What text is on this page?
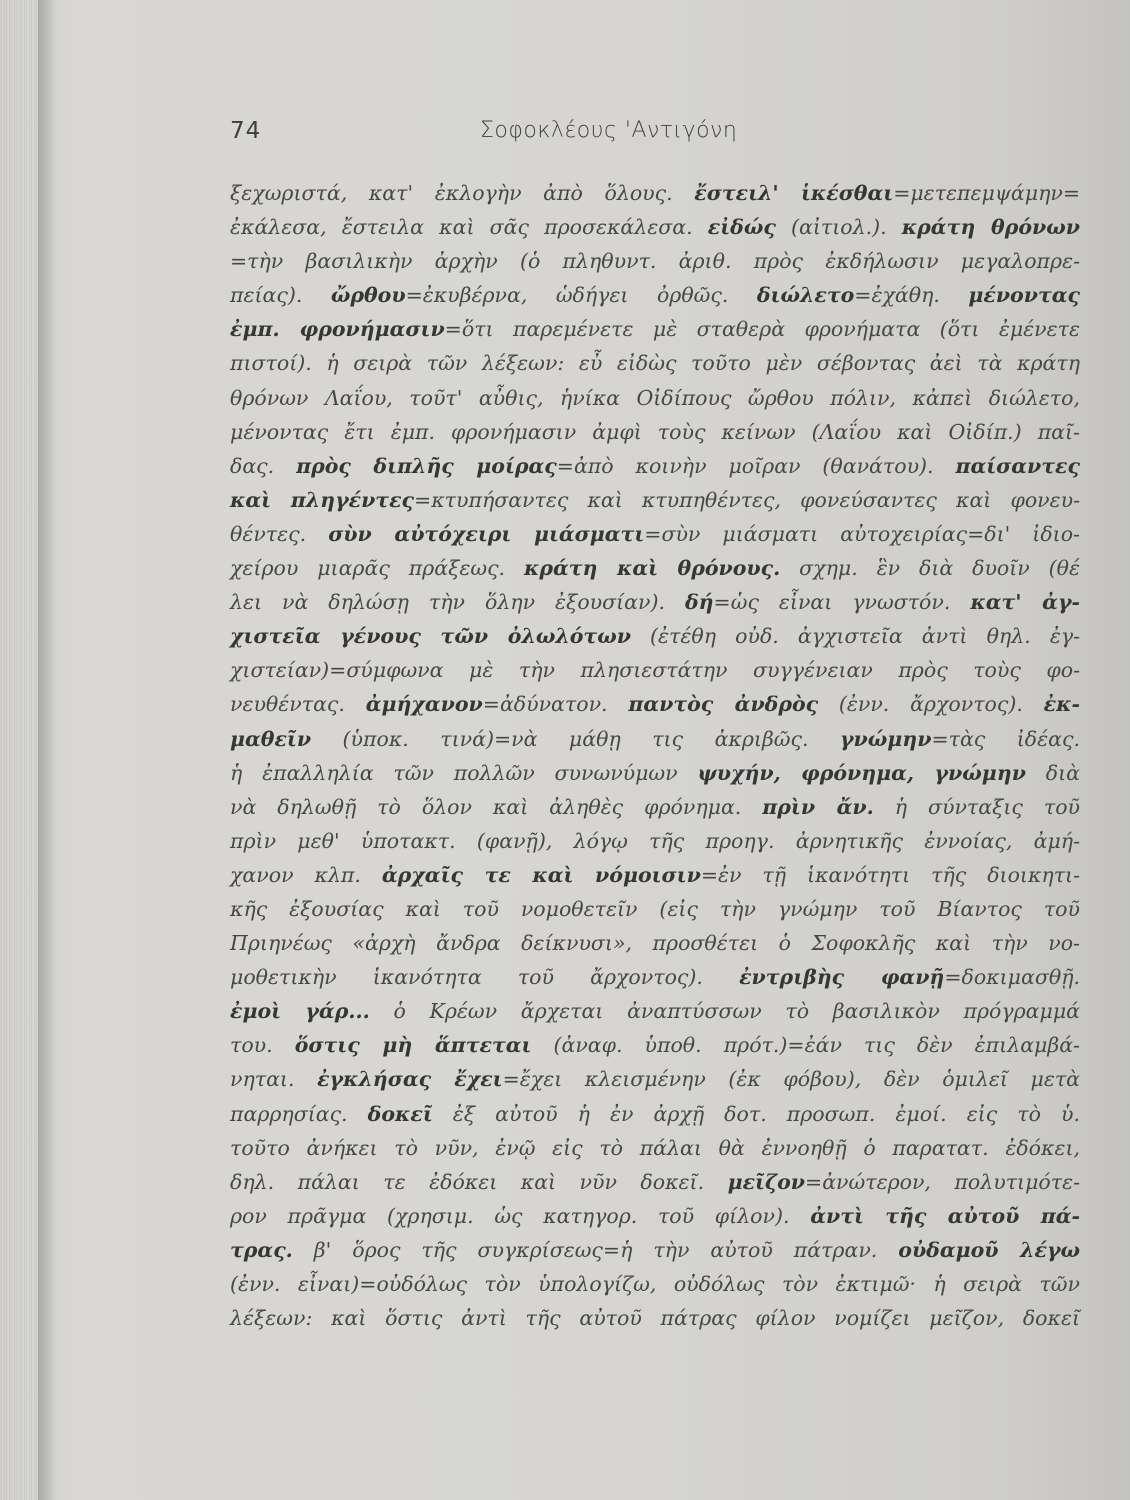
74	Σοφοκλέους 'Αντιγόνη
ξεχωριστά, κατ' ἐκλογὴν ἀπὸ ὅλους. ἔστειλ' ἱκέσθαι=μετεπεμψάμην=
ἐκάλεσα, ἔστειλα καὶ σᾶς προσεκάλεσα. εἰδώς (αἰτιολ.). κράτη θρόνων
=τὴν βασιλικὴν ἀρχὴν (ὁ πληθυντ. ἀριθ. πρὸς ἐκδήλωσιν μεγαλοπρε-
πείας). ὤρθου=ἐκυβέρνα, ὡδήγει ὀρθῶς. διώλετο=ἐχάθη. μένοντας
ἐμπ. φρονήμασιν=ὅτι παρεμένετε μὲ σταθερὰ φρονήματα (ὅτι ἐμένετε
πιστοί). ἡ σειρὰ τῶν λέξεων: εὖ εἰδὼς τοῦτο μὲν σέβοντας ἀεὶ τὰ κράτη
θρόνων Λαΐου, τοῦτ' αὖθις, ἡνίκα Οἰδίπους ὤρθου πόλιν, κἀπεὶ διώλετο,
μένοντας ἔτι ἐμπ. φρονήμασιν ἀμφὶ τοὺς κείνων (Λαΐου καὶ Οἰδίπ.) παῖ-
δας. πρὸς διπλῆς μοίρας=ἀπὸ κοινὴν μοῖραν (θανάτου). παίσαντες
καὶ πληγέντες=κτυπήσαντες καὶ κτυπηθέντες, φονεύσαντες καὶ φονευ-
θέντες. σὺν αὐτόχειρι μιάσματι=σὺν μιάσματι αὐτοχειρίας=δι' ἰδιο-
χείρου μιαρᾶς πράξεως. κράτη καὶ θρόνους. σχημ. ἓν διὰ δυοῖν (θέ
λει νὰ δηλώσῃ τὴν ὅλην ἐξουσίαν). δή=ὡς εἶναι γνωστόν. κατ' ἀγ-
χιστεῖα γένους τῶν ὀλωλότων (ἐτέθη οὐδ. ἀγχιστεῖα ἀντὶ θηλ. ἐγ-
χιστείαν)=σύμφωνα μὲ τὴν πλησιεστάτην συγγένειαν πρὸς τοὺς φο-
νευθέντας. ἀμήχανον=ἀδύνατον. παντὸς ἀνδρὸς (ἐνν. ἄρχοντος). ἐκ-
μαθεῖν (ὑποκ. τινά)=νὰ μάθῃ τις ἀκριβῶς. γνώμην=τὰς ἰδέας.
ἡ ἐπαλληλία τῶν πολλῶν συνωνύμων ψυχήν, φρόνημα, γνώμην διὰ
νὰ δηλωθῇ τὸ ὅλον καὶ ἀληθὲς φρόνημα. πρὶν ἄν. ἡ σύνταξις τοῦ
πρὶν μεθ' ὑποτακτ. (φανῇ), λόγῳ τῆς προηγ. ἀρνητικῆς ἐννοίας, ἀμή-
χανον κλπ. ἀρχαῖς τε καὶ νόμοισιν=ἐν τῇ ἱκανότητι τῆς διοικητι-
κῆς ἐξουσίας καὶ τοῦ νομοθετεῖν (εἰς τὴν γνώμην τοῦ Βίαντος τοῦ
Πριηνέως «ἀρχὴ ἄνδρα δείκνυσι», προσθέτει ὁ Σοφοκλῆς καὶ τὴν νο-
μοθετικὴν ἱκανότητα τοῦ ἄρχοντος). ἐντριβὴς φανῇ=δοκιμασθῇ.
ἐμοὶ γάρ... ὁ Κρέων ἄρχεται ἀναπτύσσων τὸ βασιλικὸν πρόγραμμά
του. ὅστις μὴ ἅπτεται (ἀναφ. ὑποθ. πρότ.)=ἐάν τις δὲν ἐπιλαμβά-
νηται. ἐγκλήσας ἔχει=ἔχει κλεισμένην (ἐκ φόβου), δὲν ὁμιλεῖ μετὰ
παρρησίας. δοκεῖ ἐξ αὐτοῦ ἡ ἐν ἀρχῇ δοτ. προσωπ. ἐμοί. εἰς τὸ ὑ.
τοῦτο ἀνήκει τὸ νῦν, ἐνῷ εἰς τὸ πάλαι θὰ ἐννοηθῇ ὁ παρατατ. ἐδόκει,
δηλ. πάλαι τε ἐδόκει καὶ νῦν δοκεῖ. μεῖζον=ἀνώτερον, πολυτιμότε-
ρον πρᾶγμα (χρησιμ. ὡς κατηγορ. τοῦ φίλον). ἀντὶ τῆς αὐτοῦ πά-
τρας. β' ὅρος τῆς συγκρίσεως=ἡ τὴν αὐτοῦ πάτραν. οὐδαμοῦ λέγω
(ἐνν. εἶναι)=οὐδόλως τὸν ὑπολογίζω, οὐδόλως τὸν ἐκτιμῶ· ἡ σειρὰ τῶν
λέξεων: καὶ ὅστις ἀντὶ τῆς αὐτοῦ πάτρας φίλον νομίζει μεῖζον, δοκεῖ
